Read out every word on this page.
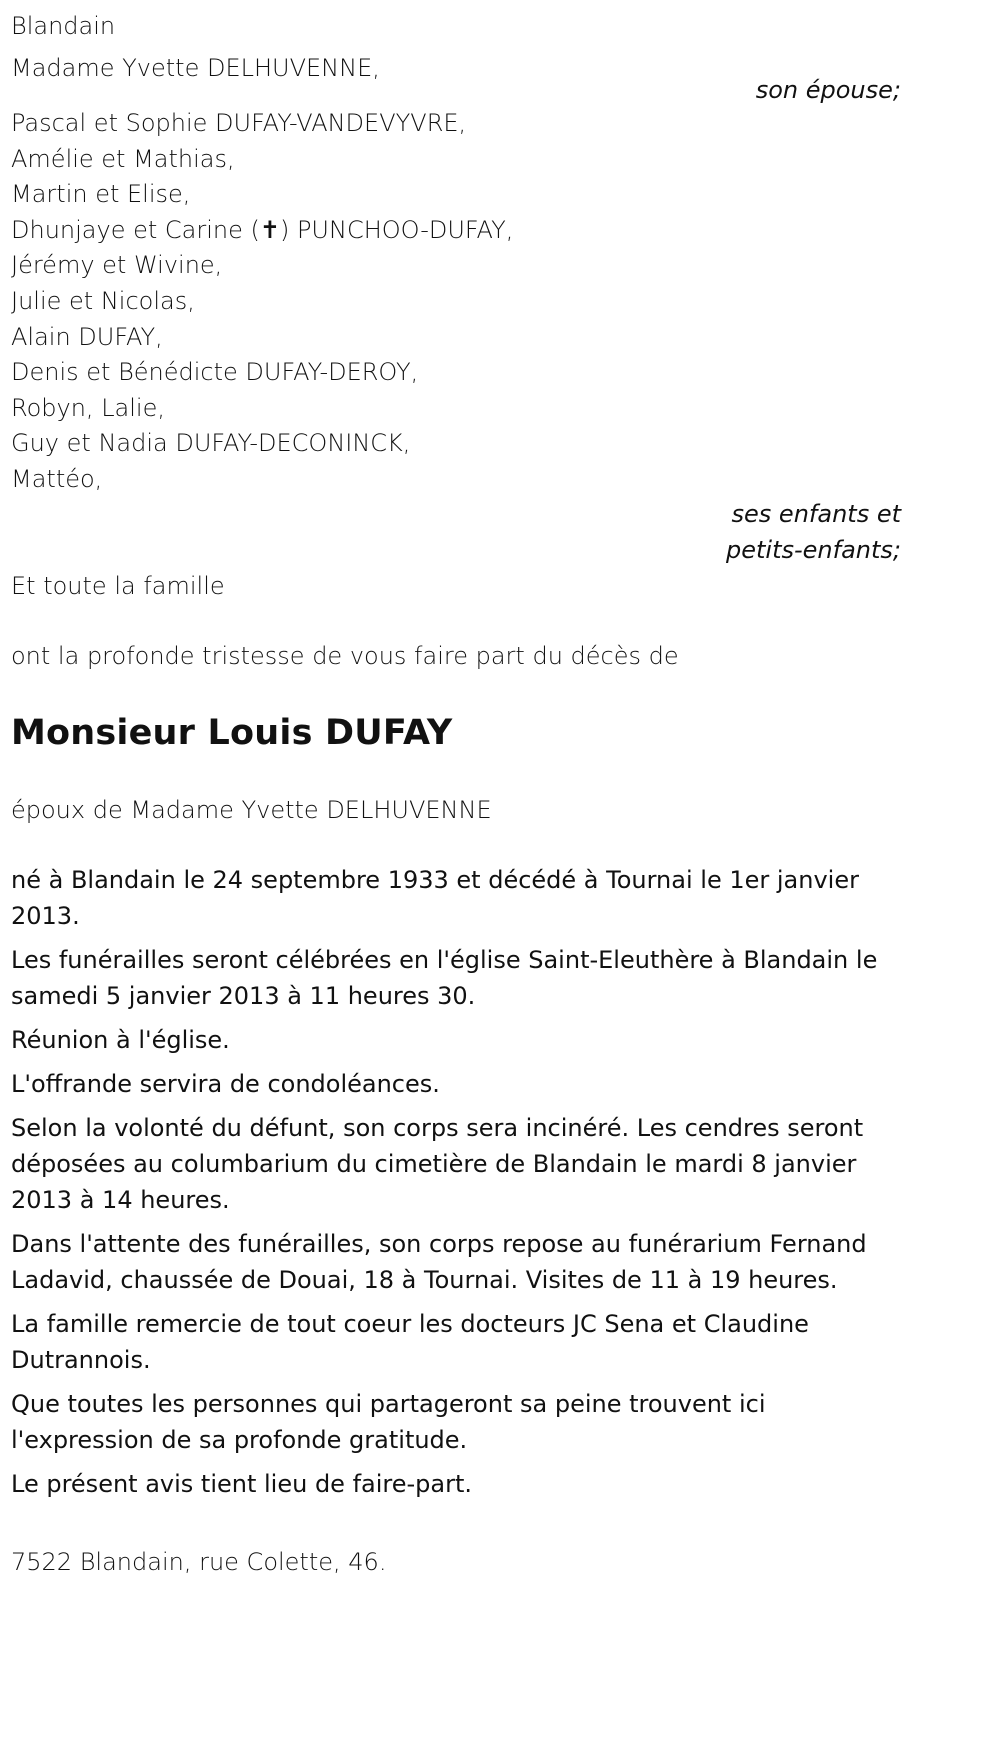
Blandain

Madame Yvette DELHUVENNE,

son épouse;

Pascal et Sophie DUFAY-VANDEVYVRE,

Amélie et Mathias,

Martin et Elise,

Dhunjaye et Carine (✝) PUNCHOO-DUFAY,

Jérémy et Wivine,

Julie et Nicolas,

Alain DUFAY,

Denis et Bénédicte DUFAY-DEROY,

Robyn, Lalie,

Guy et Nadia DUFAY-DECONINCK,

Mattéo,

ses enfants et

petits-enfants;

Et toute la famille

ont la profonde tristesse de vous faire part du décès de

Monsieur Louis DUFAY

époux de Madame Yvette DELHUVENNE

né à Blandain le 24 septembre 1933 et décédé à Tournai le 1er janvier 2013.

Les funérailles seront célébrées en l'église Saint-Eleuthère à Blandain le samedi 5 janvier 2013 à 11 heures 30.

Réunion à l'église.

L'offrande servira de condoléances.

Selon la volonté du défunt, son corps sera incinéré. Les cendres seront déposées au columbarium du cimetière de Blandain le mardi 8 janvier 2013 à 14 heures.

Dans l'attente des funérailles, son corps repose au funérarium Fernand Ladavid, chaussée de Douai, 18 à Tournai. Visites de 11 à 19 heures.

La famille remercie de tout coeur les docteurs JC Sena et Claudine Dutrannois.

Que toutes les personnes qui partageront sa peine trouvent ici l'expression de sa profonde gratitude.

Le présent avis tient lieu de faire-part.

7522 Blandain, rue Colette, 46.
